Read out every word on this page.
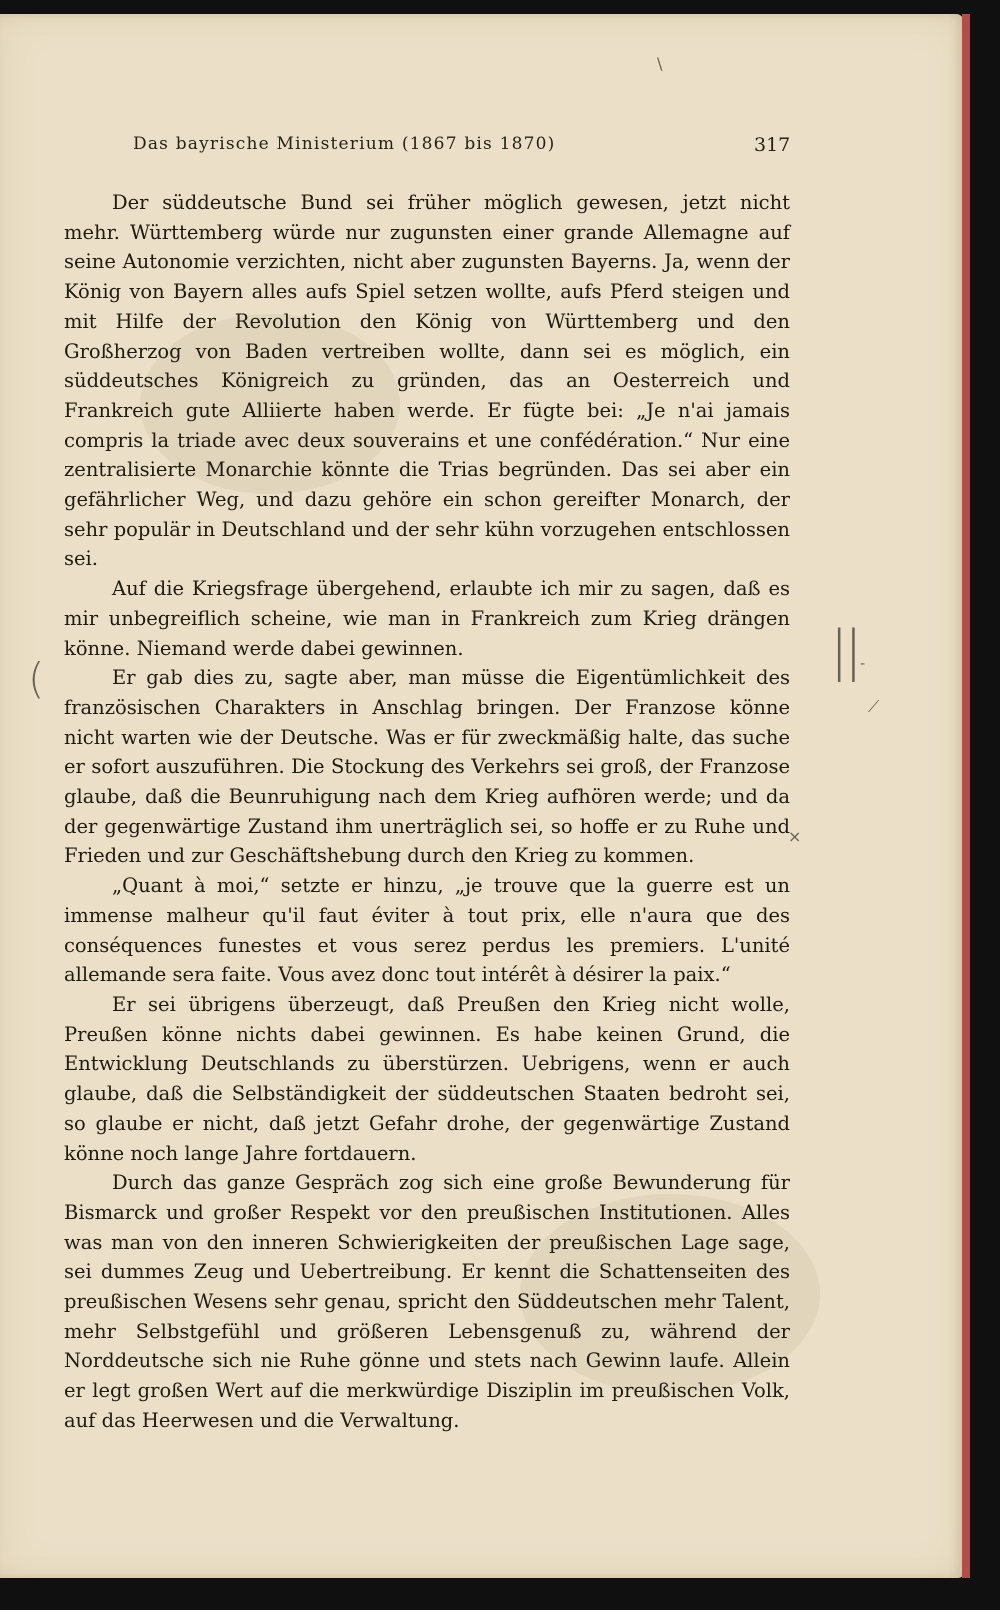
Das bayrische Ministerium (1867 bis 1870)	317

Der süddeutsche Bund sei früher möglich gewesen, jetzt nicht mehr. Württemberg würde nur zugunsten einer grande Allemagne auf seine Autonomie verzichten, nicht aber zugunsten Bayerns. Ja, wenn der König von Bayern alles aufs Spiel setzen wollte, aufs Pferd steigen und mit Hilfe der Revolution den König von Württemberg und den Großherzog von Baden vertreiben wollte, dann sei es möglich, ein süddeutsches Königreich zu gründen, das an Oesterreich und Frankreich gute Alliierte haben werde. Er fügte bei: „Je n'ai jamais compris la triade avec deux souverains et une confédération.“ Nur eine zentralisierte Monarchie könnte die Trias begründen. Das sei aber ein gefährlicher Weg, und dazu gehöre ein schon gereifter Monarch, der sehr populär in Deutschland und der sehr kühn vorzugehen entschlossen sei.

Auf die Kriegsfrage übergehend, erlaubte ich mir zu sagen, daß es mir unbegreiflich scheine, wie man in Frankreich zum Krieg drängen könne. Niemand werde dabei gewinnen.

Er gab dies zu, sagte aber, man müsse die Eigentümlichkeit des französischen Charakters in Anschlag bringen. Der Franzose könne nicht warten wie der Deutsche. Was er für zweckmäßig halte, das suche er sofort auszuführen. Die Stockung des Verkehrs sei groß, der Franzose glaube, daß die Beunruhigung nach dem Krieg aufhören werde; und da der gegenwärtige Zustand ihm unerträglich sei, so hoffe er zu Ruhe und Frieden und zur Geschäftshebung durch den Krieg zu kommen.

„Quant à moi,“ setzte er hinzu, „je trouve que la guerre est un immense malheur qu'il faut éviter à tout prix, elle n'aura que des conséquences funestes et vous serez perdus les premiers. L'unité allemande sera faite. Vous avez donc tout intérêt à désirer la paix.“

Er sei übrigens überzeugt, daß Preußen den Krieg nicht wolle, Preußen könne nichts dabei gewinnen. Es habe keinen Grund, die Entwicklung Deutschlands zu überstürzen. Uebrigens, wenn er auch glaube, daß die Selbständigkeit der süddeutschen Staaten bedroht sei, so glaube er nicht, daß jetzt Gefahr drohe, der gegenwärtige Zustand könne noch lange Jahre fortdauern.

Durch das ganze Gespräch zog sich eine große Bewunderung für Bismarck und großer Respekt vor den preußischen Institutionen. Alles was man von den inneren Schwierigkeiten der preußischen Lage sage, sei dummes Zeug und Uebertreibung. Er kennt die Schattenseiten des preußischen Wesens sehr genau, spricht den Süddeutschen mehr Talent, mehr Selbstgefühl und größeren Lebensgenuß zu, während der Norddeutsche sich nie Ruhe gönne und stets nach Gewinn laufe. Allein er legt großen Wert auf die merkwürdige Disziplin im preußischen Volk, auf das Heerwesen und die Verwaltung.

\
||
(	-
⟋
×
